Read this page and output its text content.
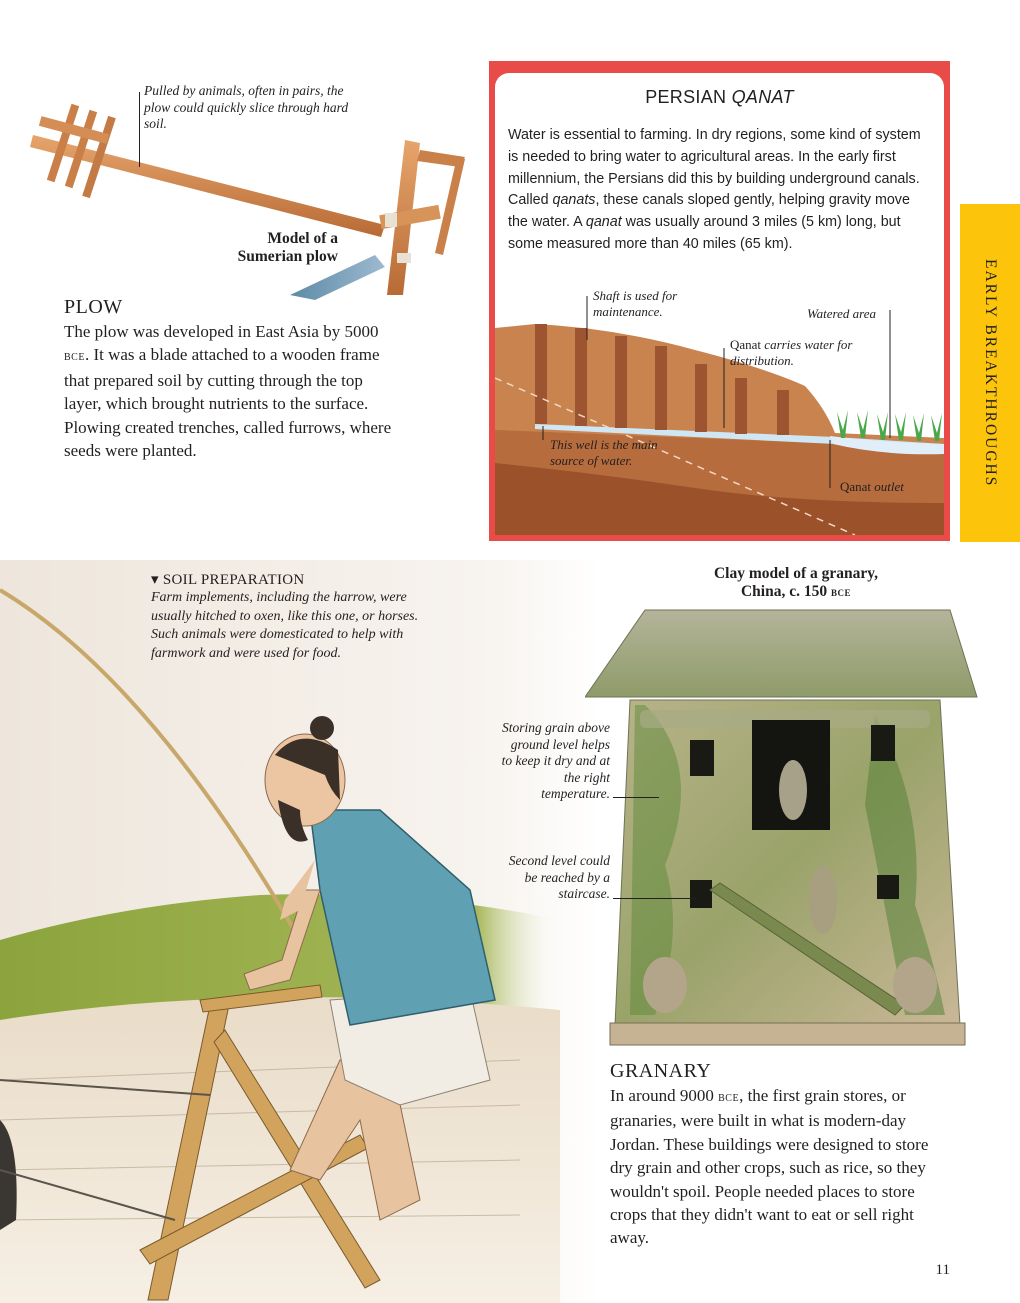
Pulled by animals, often in pairs, the plow could quickly slice through hard soil.

Model of a
Sumerian plow
PLOW

The plow was developed in East Asia by 5000 bce. It was a blade attached to a wooden frame that prepared soil by cutting through the top layer, which brought nutrients to the surface. Plowing created trenches, called furrows, where seeds were planted.

PERSIAN QANAT

Water is essential to farming. In dry regions, some kind of system is needed to bring water to agricultural areas. In the early first millennium, the Persians did this by building underground canals. Called qanats, these canals sloped gently, helping gravity move the water. A qanat was usually around 3 miles (5 km) long, but some measured more than 40 miles (65 km).

Shaft is used for maintenance.	Watered area
Qanat carries water for distribution.
This well is the main source of water.
Qanat outlet	EARLY BREAKTHROUGHS
▾ SOIL PREPARATION

Farm implements, including the harrow, were usually hitched to oxen, like this one, or horses. Such animals were domesticated to help with farmwork and were used for food.

Clay model of a granary,
China, c. 150 bce

Storing grain above ground level helps to keep it dry and at the right temperature.

Second level could be reached by a staircase.

GRANARY

In around 9000 bce, the first grain stores, or granaries, were built in what is modern-day Jordan. These buildings were designed to store dry grain and other crops, such as rice, so they wouldn't spoil. People needed places to store crops that they didn't want to eat or sell right away.

11
